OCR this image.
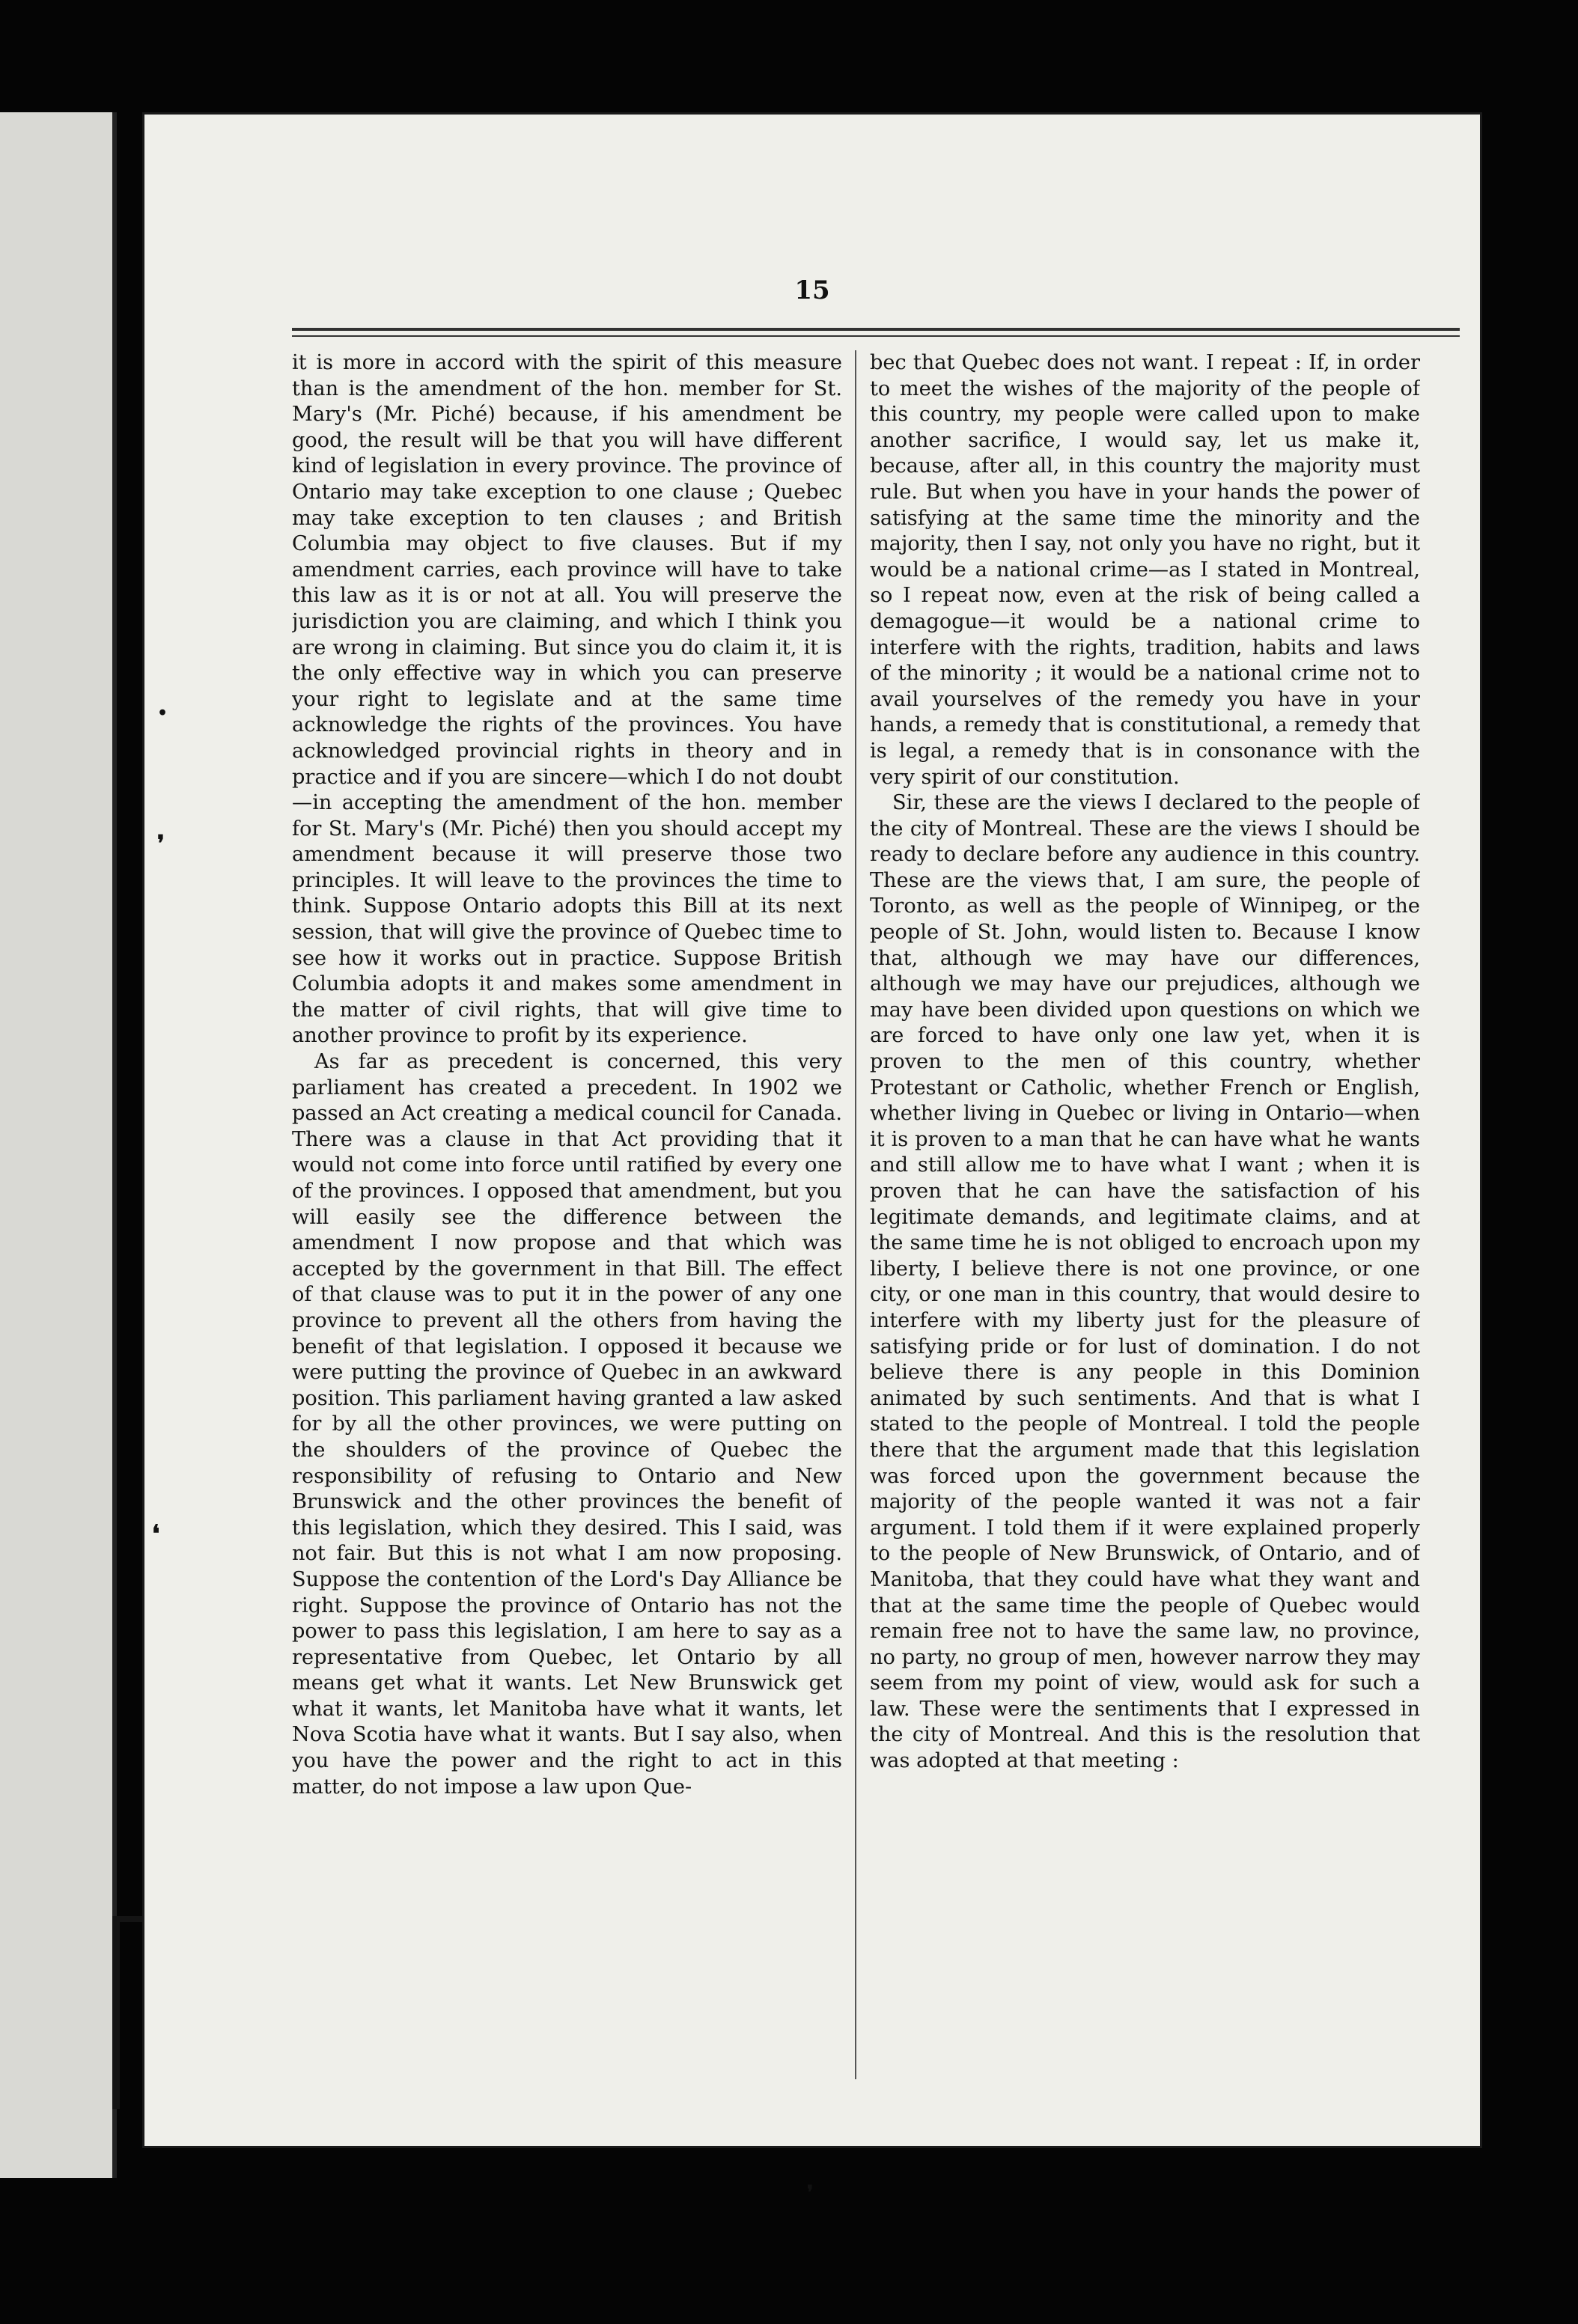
15

it is more in accord with the spirit of this measure than is the amendment of the hon. member for St. Mary's (Mr. Piché) because, if his amendment be good, the result will be that you will have different kind of legislation in every province. The province of Ontario may take exception to one clause ; Quebec may take exception to ten clauses ; and British Columbia may object to five clauses. But if my amendment carries, each province will have to take this law as it is or not at all. You will preserve the jurisdiction you are claiming, and which I think you are wrong in claiming. But since you do claim it, it is the only effective way in which you can preserve your right to legislate and at the same time acknowledge the rights of the provinces. You have acknowledged provincial rights in theory and in practice and if you are sincere—which I do not doubt—in accepting the amendment of the hon. member for St. Mary's (Mr. Piché) then you should accept my amendment because it will preserve those two principles. It will leave to the provinces the time to think. Suppose Ontario adopts this Bill at its next session, that will give the province of Quebec time to see how it works out in practice. Suppose British Columbia adopts it and makes some amendment in the matter of civil rights, that will give time to another province to profit by its experience.

As far as precedent is concerned, this very parliament has created a precedent. In 1902 we passed an Act creating a medical council for Canada. There was a clause in that Act providing that it would not come into force until ratified by every one of the provinces. I opposed that amendment, but you will easily see the difference between the amendment I now propose and that which was accepted by the government in that Bill. The effect of that clause was to put it in the power of any one province to prevent all the others from having the benefit of that legislation. I opposed it because we were putting the province of Quebec in an awkward position. This parliament having granted a law asked for by all the other provinces, we were putting on the shoulders of the province of Quebec the responsibility of refusing to Ontario and New Brunswick and the other provinces the benefit of this legislation, which they desired. This I said, was not fair. But this is not what I am now proposing. Suppose the contention of the Lord's Day Alliance be right. Suppose the province of Ontario has not the power to pass this legislation, I am here to say as a representative from Quebec, let Ontario by all means get what it wants. Let New Brunswick get what it wants, let Manitoba have what it wants, let Nova Scotia have what it wants. But I say also, when you have the power and the right to act in this matter, do not impose a law upon Que-

bec that Quebec does not want. I repeat : If, in order to meet the wishes of the majority of the people of this country, my people were called upon to make another sacrifice, I would say, let us make it, because, after all, in this country the majority must rule. But when you have in your hands the power of satisfying at the same time the minority and the majority, then I say, not only you have no right, but it would be a national crime—as I stated in Montreal, so I repeat now, even at the risk of being called a demagogue—it would be a national crime to interfere with the rights, tradition, habits and laws of the minority ; it would be a national crime not to avail yourselves of the remedy you have in your hands, a remedy that is constitutional, a remedy that is legal, a remedy that is in consonance with the very spirit of our constitution.

Sir, these are the views I declared to the people of the city of Montreal. These are the views I should be ready to declare before any audience in this country. These are the views that, I am sure, the people of Toronto, as well as the people of Winnipeg, or the people of St. John, would listen to. Because I know that, although we may have our differences, although we may have our prejudices, although we may have been divided upon questions on which we are forced to have only one law yet, when it is proven to the men of this country, whether Protestant or Catholic, whether French or English, whether living in Quebec or living in Ontario—when it is proven to a man that he can have what he wants and still allow me to have what I want ; when it is proven that he can have the satisfaction of his legitimate demands, and legitimate claims, and at the same time he is not obliged to encroach upon my liberty, I believe there is not one province, or one city, or one man in this country, that would desire to interfere with my liberty just for the pleasure of satisfying pride or for lust of domination. I do not believe there is any people in this Dominion animated by such sentiments. And that is what I stated to the people of Montreal. I told the people there that the argument made that this legislation was forced upon the government because the majority of the people wanted it was not a fair argument. I told them if it were explained properly to the people of New Brunswick, of Ontario, and of Manitoba, that they could have what they want and that at the same time the people of Quebec would remain free not to have the same law, no province, no party, no group of men, however narrow they may seem from my point of view, would ask for such a law. These were the sentiments that I expressed in the city of Montreal. And this is the resolution that was adopted at that meeting :

•
❜
❛
❜
